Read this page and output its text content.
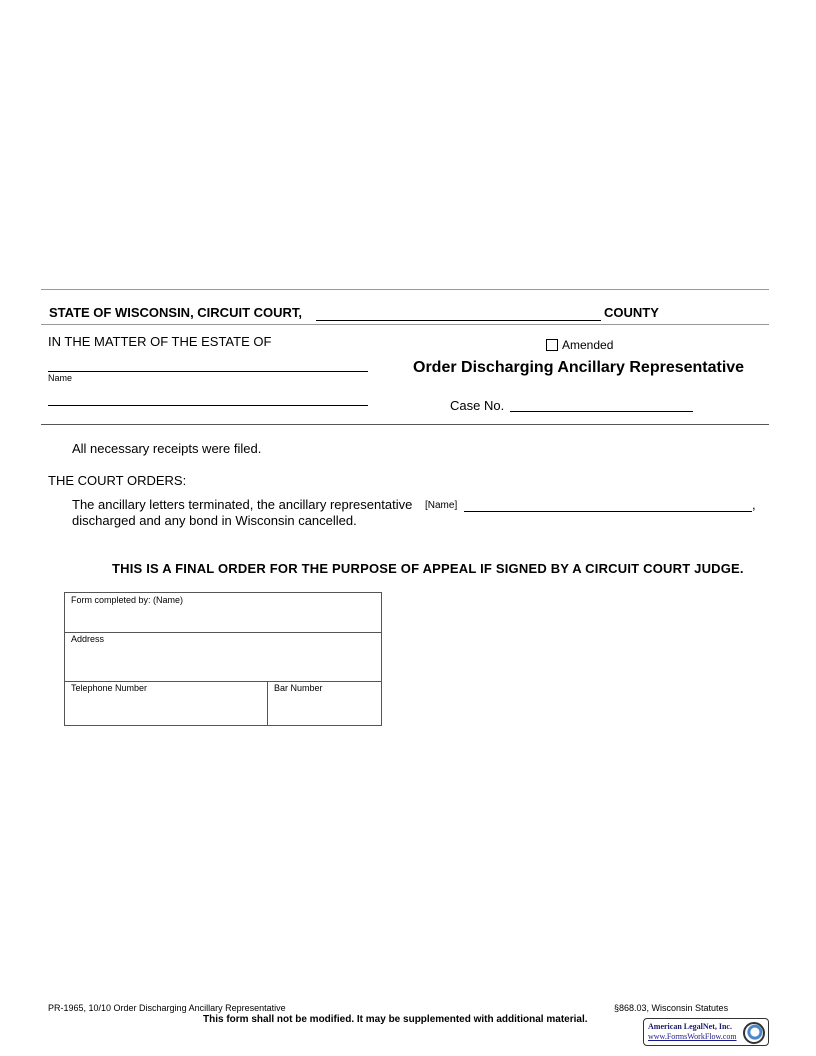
STATE OF WISCONSIN, CIRCUIT COURT,	COUNTY
IN THE MATTER OF THE ESTATE OF
Name
Amended
Order Discharging Ancillary Representative
Case No.
All necessary receipts were filed.
THE COURT ORDERS:
The ancillary letters terminated, the ancillary representative [Name]	,
discharged and any bond in Wisconsin cancelled.
THIS IS A FINAL ORDER FOR THE PURPOSE OF APPEAL IF SIGNED BY A CIRCUIT COURT JUDGE.
Form completed by: (Name)
Address
Telephone Number	Bar Number
PR-1965, 10/10 Order Discharging Ancillary Representative	§868.03, Wisconsin Statutes
This form shall not be modified. It may be supplemented with additional material.
American LegalNet, Inc.
www.FormsWorkFlow.com
